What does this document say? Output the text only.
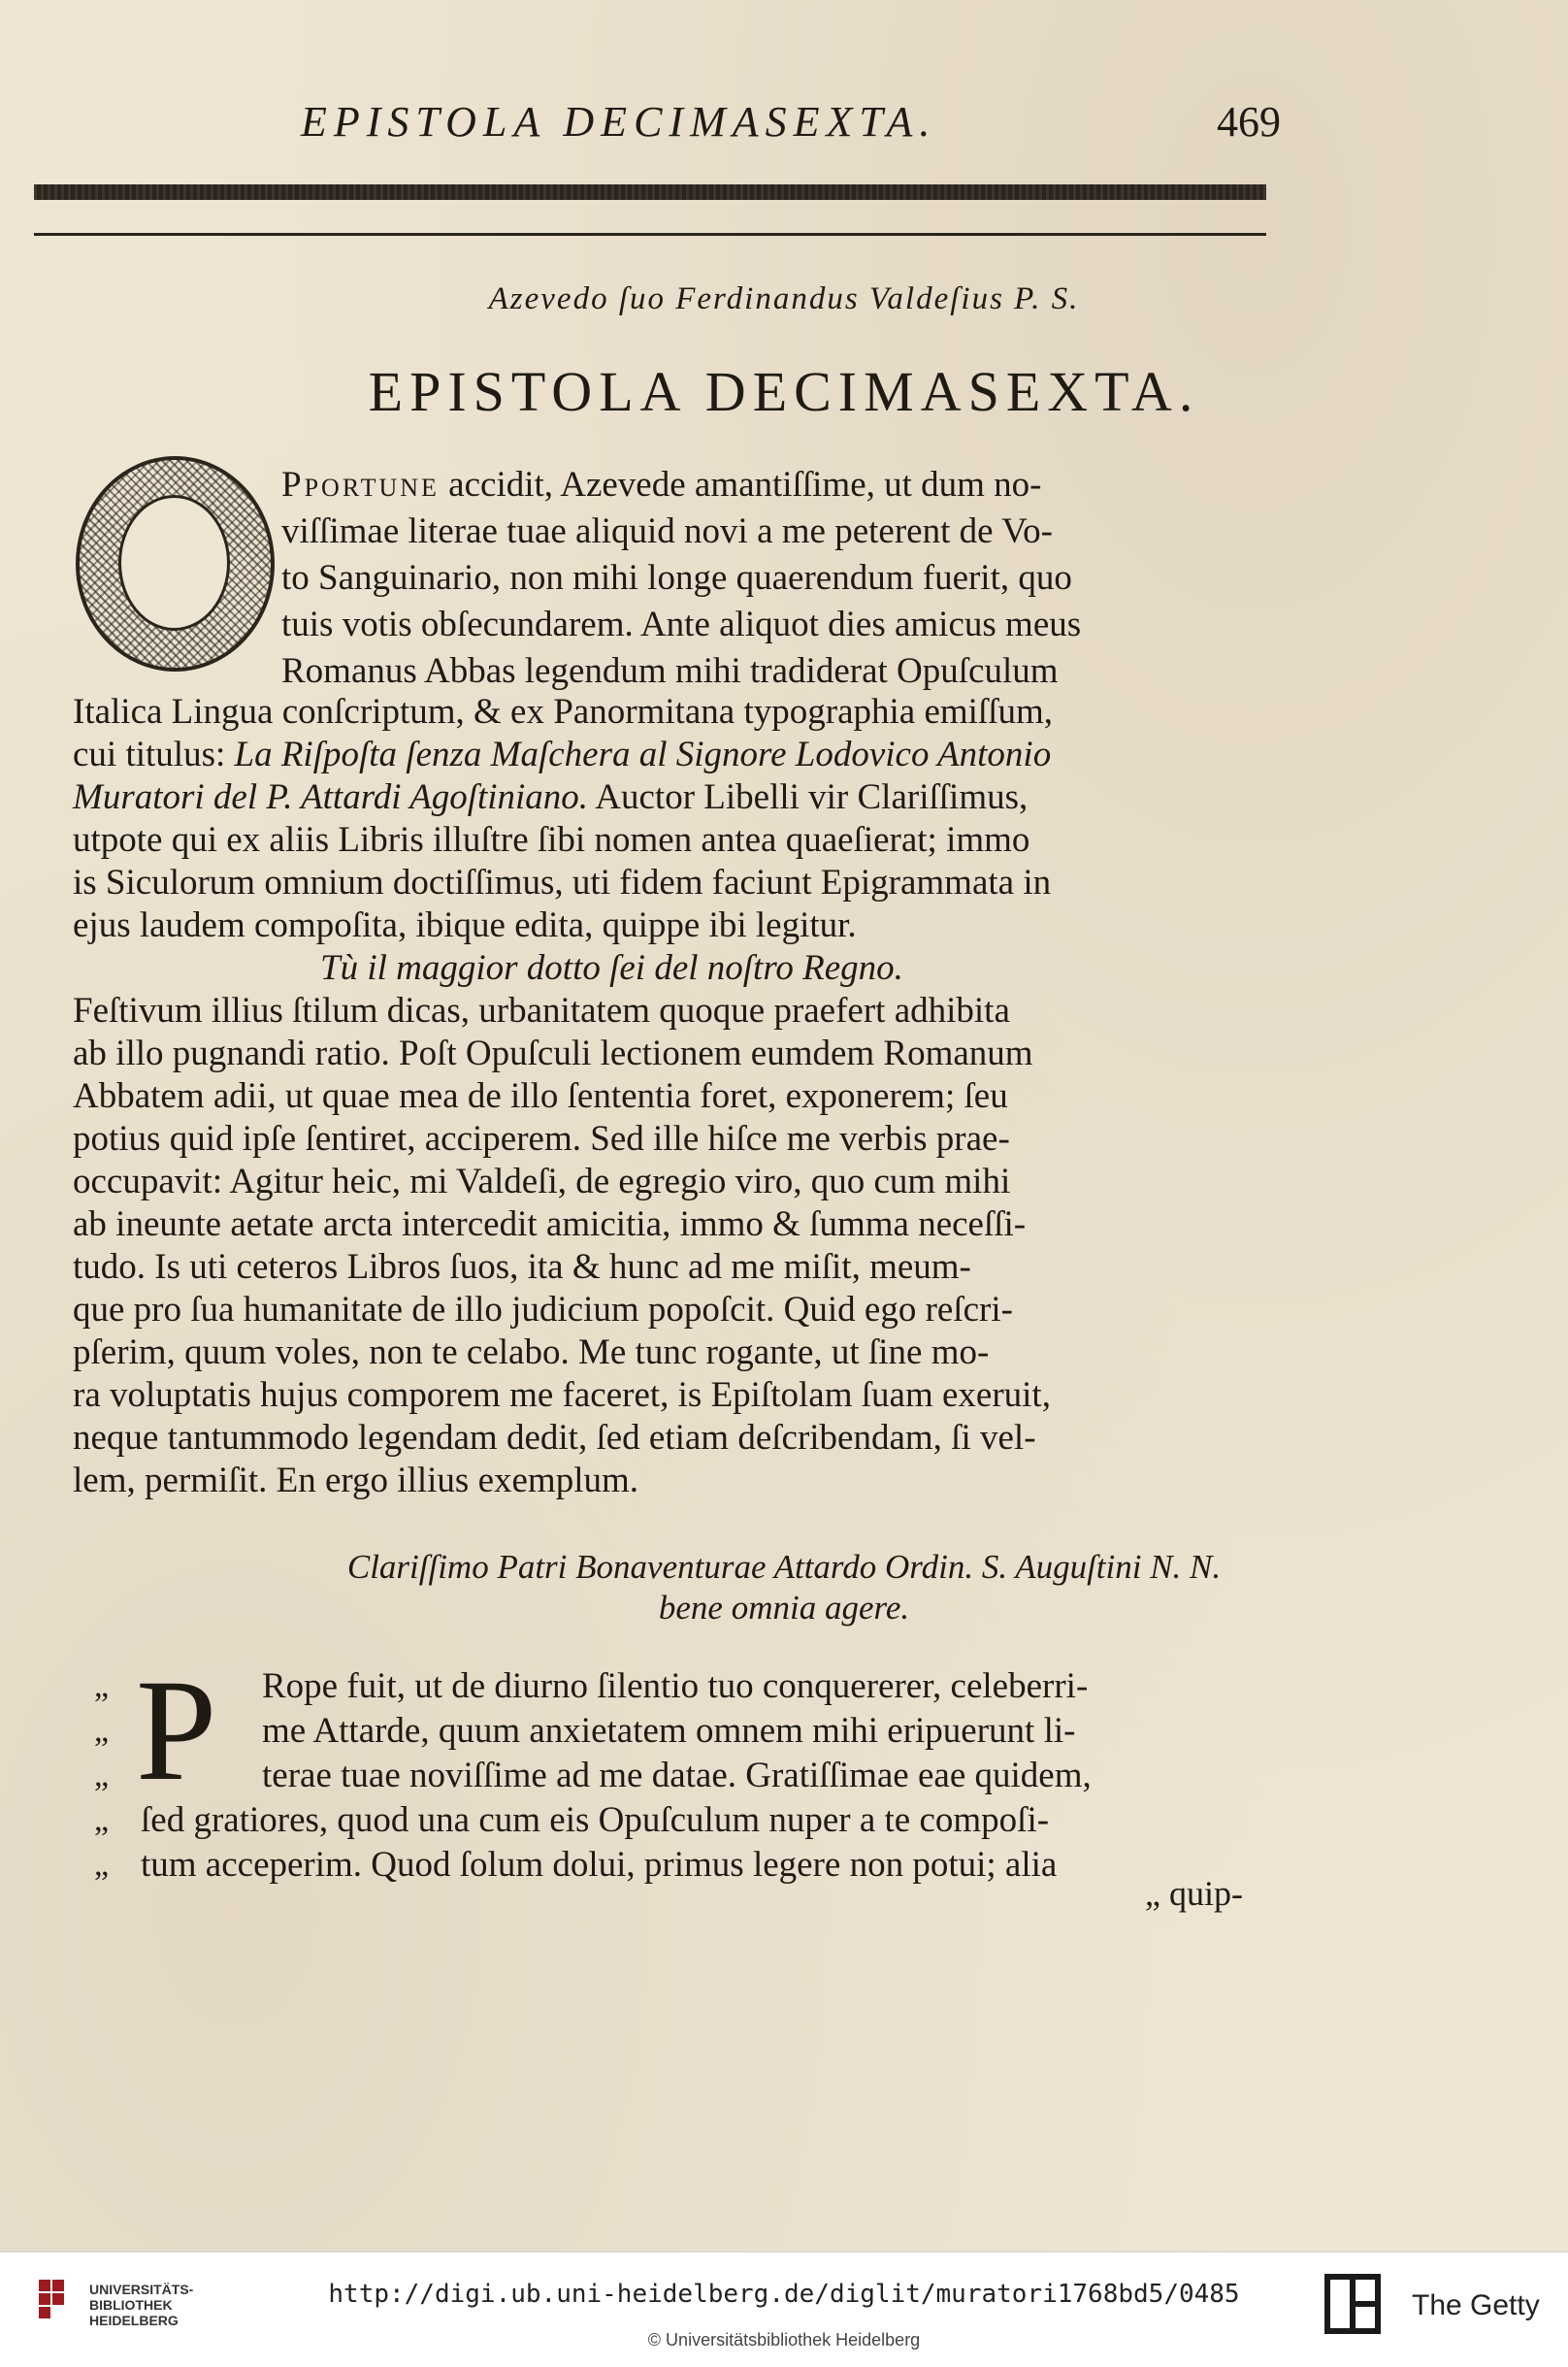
EPISTOLA DECIMASEXTA.	469
Azevedo ſuo Ferdinandus Valdeſius P. S.
EPISTOLA DECIMASEXTA.
Pportune accidit, Azevede amantiſſime, ut dum no-
viſſimae literae tuae aliquid novi a me peterent de Vo-
to Sanguinario, non mihi longe quaerendum fuerit, quo
tuis votis obſecundarem. Ante aliquot dies amicus meus
Romanus Abbas legendum mihi tradiderat Opuſculum
Italica Lingua conſcriptum, & ex Panormitana typographia emiſſum,
cui titulus: La Riſpoſta ſenza Maſchera al Signore Lodovico Antonio
Muratori del P. Attardi Agoſtiniano. Auctor Libelli vir Clariſſimus,
utpote qui ex aliis Libris illuſtre ſibi nomen antea quaeſierat; immo
is Siculorum omnium doctiſſimus, uti fidem faciunt Epigrammata in
ejus laudem compoſita, ibique edita, quippe ibi legitur.
Tù il maggior dotto ſei del noſtro Regno.
Feſtivum illius ſtilum dicas, urbanitatem quoque praefert adhibita
ab illo pugnandi ratio. Poſt Opuſculi lectionem eumdem Romanum
Abbatem adii, ut quae mea de illo ſententia foret, exponerem; ſeu
potius quid ipſe ſentiret, acciperem. Sed ille hiſce me verbis prae-
occupavit: Agitur heic, mi Valdeſi, de egregio viro, quo cum mihi
ab ineunte aetate arcta intercedit amicitia, immo & ſumma neceſſi-
tudo. Is uti ceteros Libros ſuos, ita & hunc ad me miſit, meum-
que pro ſua humanitate de illo judicium popoſcit. Quid ego reſcri-
pſerim, quum voles, non te celabo. Me tunc rogante, ut ſine mo-
ra voluptatis hujus comporem me faceret, is Epiſtolam ſuam exeruit,
neque tantummodo legendam dedit, ſed etiam deſcribendam, ſi vel-
lem, permiſit. En ergo illius exemplum.
Clariſſimo Patri Bonaventurae Attardo Ordin. S. Auguſtini N. N.
bene omnia agere.
P
„
„
„
„
„
Rope fuit, ut de diurno ſilentio tuo conquererer, celeberri-
me Attarde, quum anxietatem omnem mihi eripuerunt li-
terae tuae noviſſime ad me datae. Gratiſſimae eae quidem,
ſed gratiores, quod una cum eis Opuſculum nuper a te compoſi-
tum acceperim. Quod ſolum dolui, primus legere non potui; alia
„ quip-
UNIVERSITÄTS-
BIBLIOTHEK
HEIDELBERG
http://digi.ub.uni-heidelberg.de/diglit/muratori1768bd5/0485
© Universitätsbibliothek Heidelberg
The Getty
